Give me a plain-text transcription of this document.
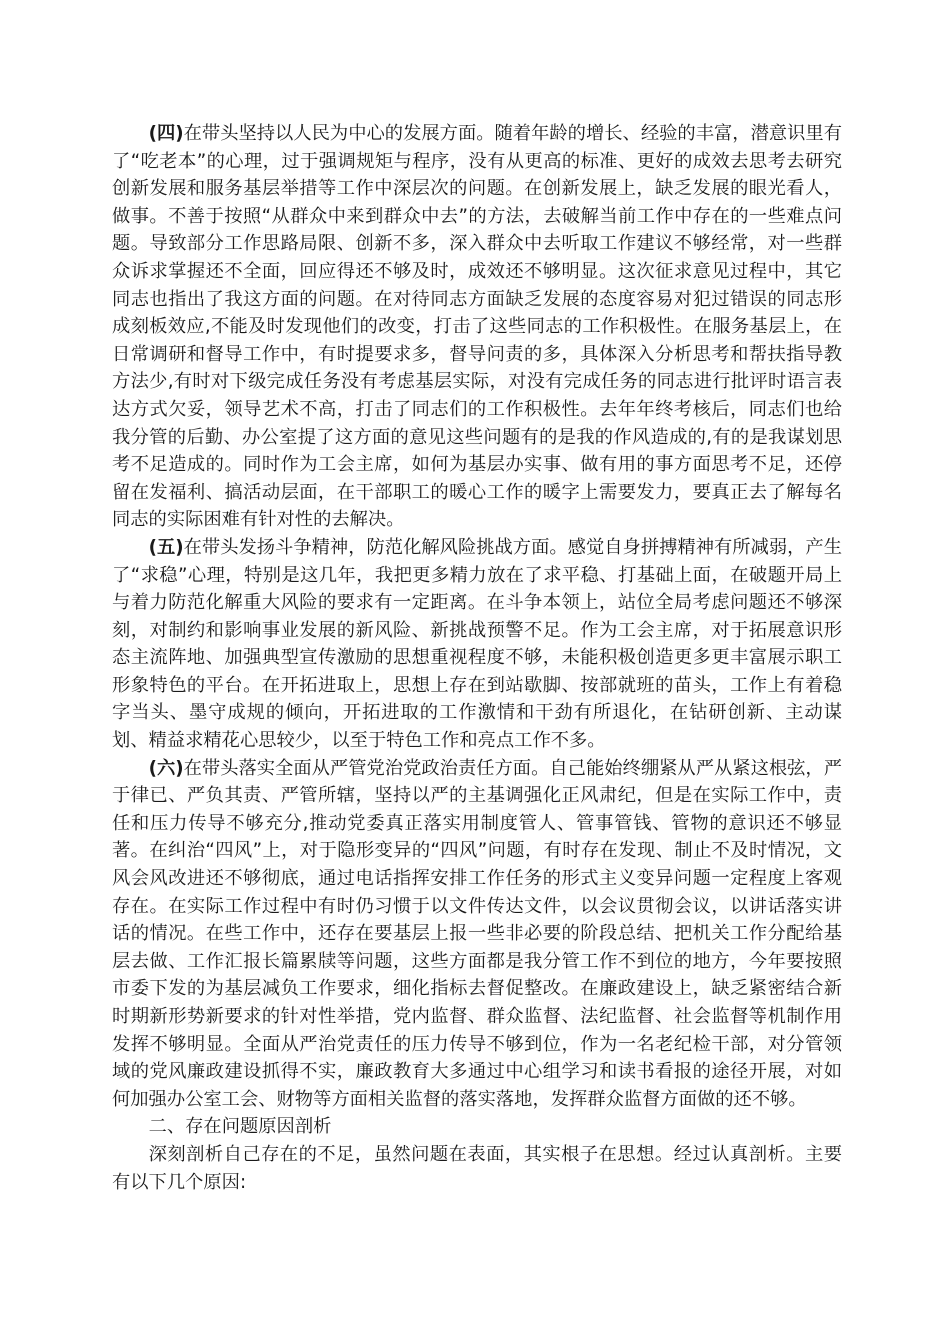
(四)在带头坚持以人民为中心的发展方面。随着年龄的增长、经验的丰富，潜意识里有了“吃老本”的心理，过于强调规矩与程序，没有从更高的标准、更好的成效去思考去研究创新发展和服务基层举措等工作中深层次的问题。在创新发展上，缺乏发展的眼光看人，做事。不善于按照“从群众中来到群众中去”的方法，去破解当前工作中存在的一些难点问题。导致部分工作思路局限、创新不多，深入群众中去听取工作建议不够经常，对一些群众诉求掌握还不全面，回应得还不够及时，成效还不够明显。这次征求意见过程中，其它同志也指出了我这方面的问题。在对待同志方面缺乏发展的态度容易对犯过错误的同志形成刻板效应,不能及时发现他们的改变，打击了这些同志的工作积极性。在服务基层上，在日常调研和督导工作中，有时提要求多，督导问责的多，具体深入分析思考和帮扶指导教方法少,有时对下级完成任务没有考虑基层实际，对没有完成任务的同志进行批评时语言表达方式欠妥，领导艺术不高，打击了同志们的工作积极性。去年年终考核后，同志们也给我分管的后勤、办公室提了这方面的意见这些问题有的是我的作风造成的,有的是我谋划思考不足造成的。同时作为工会主席，如何为基层办实事、做有用的事方面思考不足，还停留在发福利、搞活动层面，在干部职工的暖心工作的暖字上需要发力，要真正去了解每名同志的实际困难有针对性的去解决。

(五)在带头发扬斗争精神，防范化解风险挑战方面。感觉自身拼搏精神有所减弱，产生了“求稳”心理，特别是这几年，我把更多精力放在了求平稳、打基础上面，在破题开局上与着力防范化解重大风险的要求有一定距离。在斗争本领上，站位全局考虑问题还不够深刻，对制约和影响事业发展的新风险、新挑战预警不足。作为工会主席，对于拓展意识形态主流阵地、加强典型宣传激励的思想重视程度不够，未能积极创造更多更丰富展示职工形象特色的平台。在开拓进取上，思想上存在到站歇脚、按部就班的苗头，工作上有着稳字当头、墨守成规的倾向，开拓进取的工作激情和干劲有所退化，在钻研创新、主动谋划、精益求精花心思较少，以至于特色工作和亮点工作不多。

(六)在带头落实全面从严管党治党政治责任方面。自己能始终绷紧从严从紧这根弦，严于律已、严负其责、严管所辖，坚持以严的主基调强化正风肃纪，但是在实际工作中，责任和压力传导不够充分,推动党委真正落实用制度管人、管事管钱、管物的意识还不够显著。在纠治“四风”上，对于隐形变异的“四风”问题，有时存在发现、制止不及时情况，文风会风改进还不够彻底，通过电话指挥安排工作任务的形式主义变异问题一定程度上客观存在。在实际工作过程中有时仍习惯于以文件传达文件，以会议贯彻会议，以讲话落实讲话的情况。在些工作中，还存在要基层上报一些非必要的阶段总结、把机关工作分配给基层去做、工作汇报长篇累牍等问题，这些方面都是我分管工作不到位的地方，今年要按照市委下发的为基层减负工作要求，细化指标去督促整改。在廉政建设上，缺乏紧密结合新时期新形势新要求的针对性举措，党内监督、群众监督、法纪监督、社会监督等机制作用发挥不够明显。全面从严治党责任的压力传导不够到位，作为一名老纪检干部，对分管领域的党风廉政建设抓得不实，廉政教育大多通过中心组学习和读书看报的途径开展，对如何加强办公室工会、财物等方面相关监督的落实落地，发挥群众监督方面做的还不够。

二、存在问题原因剖析

深刻剖析自己存在的不足，虽然问题在表面，其实根子在思想。经过认真剖析。主要有以下几个原因:
